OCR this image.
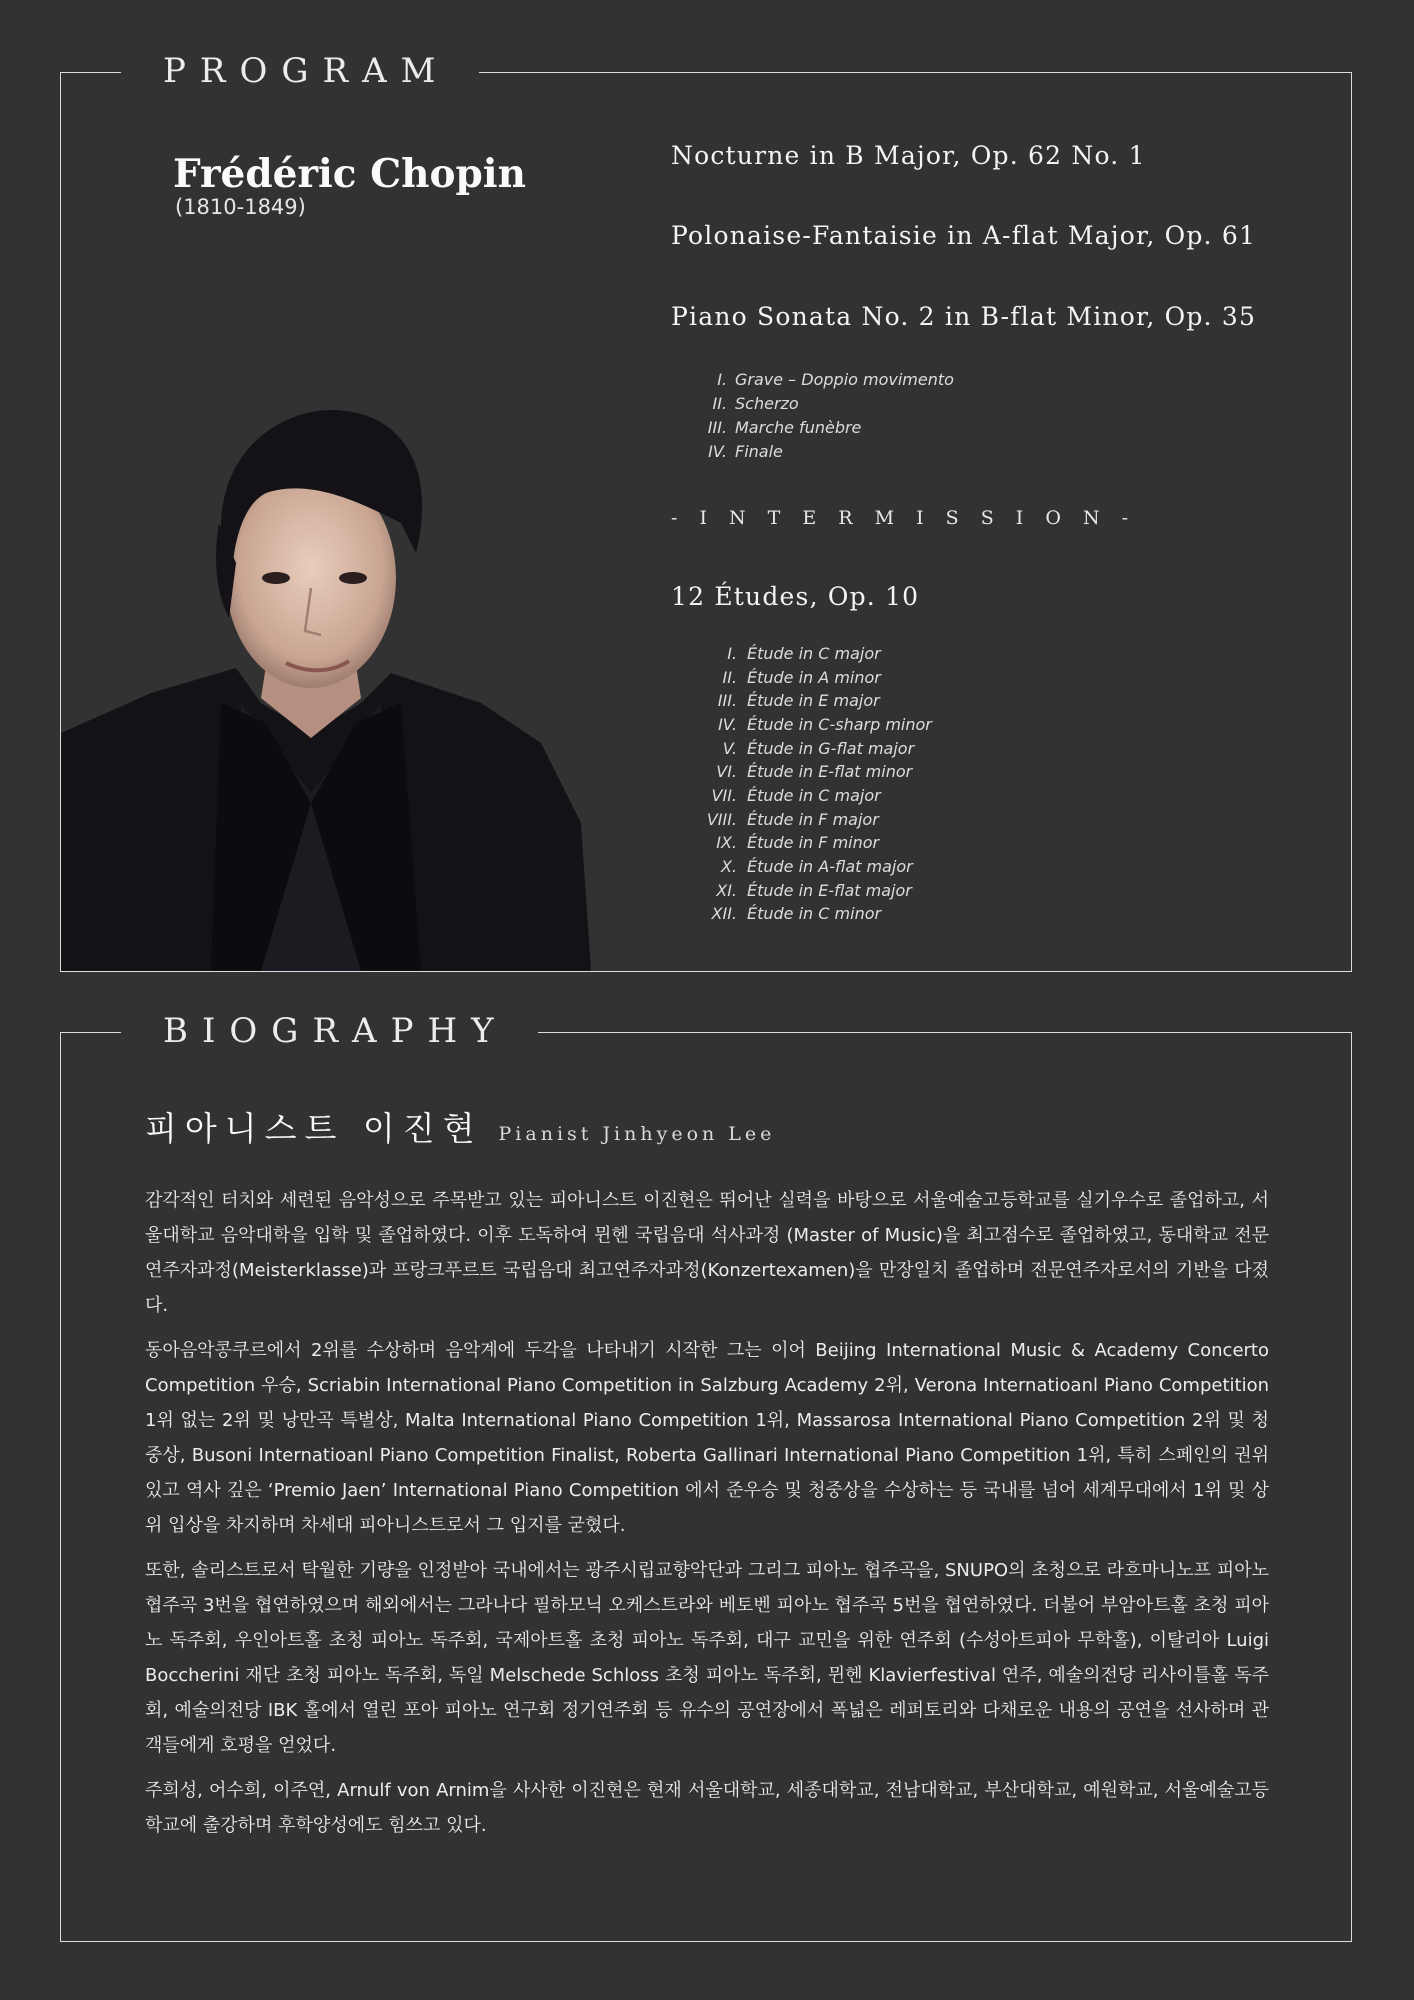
PROGRAM
Frédéric Chopin
(1810-1849)
Nocturne in B Major, Op. 62 No. 1
Polonaise-Fantaisie in A-flat Major, Op. 61
Piano Sonata No. 2 in B-flat Minor, Op. 35
I. Grave – Doppio movimento
II. Scherzo
III. Marche funèbre
IV. Finale
- I N T E R M I S S I O N -
12 Études, Op. 10
I. Étude in C major
II. Étude in A minor
III. Étude in E major
IV. Étude in C-sharp minor
V. Étude in G-flat major
VI. Étude in E-flat minor
VII. Étude in C major
VIII. Étude in F major
IX. Étude in F minor
X. Étude in A-flat major
XI. Étude in E-flat major
XII. Étude in C minor
BIOGRAPHY
피아니스트 이진현 Pianist Jinhyeon Lee

감각적인 터치와 세련된 음악성으로 주목받고 있는 피아니스트 이진현은 뛰어난 실력을 바탕으로 서울예술고등학교를 실기우수로 졸업하고, 서울대학교 음악대학을 입학 및 졸업하였다. 이후 도독하여 뮌헨 국립음대 석사과정 (Master of Music)을 최고점수로 졸업하였고, 동대학교 전문연주자과정(Meisterklasse)과 프랑크푸르트 국립음대 최고연주자과정(Konzertexamen)을 만장일치 졸업하며 전문연주자로서의 기반을 다졌다.

동아음악콩쿠르에서 2위를 수상하며 음악계에 두각을 나타내기 시작한 그는 이어 Beijing International Music & Academy Concerto Competition 우승, Scriabin International Piano Competition in Salzburg Academy 2위, Verona Internatioanl Piano Competition 1위 없는 2위 및 낭만곡 특별상, Malta International Piano Competition 1위, Massarosa International Piano Competition 2위 및 청중상, Busoni Internatioanl Piano Competition Finalist, Roberta Gallinari International Piano Competition 1위, 특히 스페인의 권위 있고 역사 깊은 ‘Premio Jaen’ International Piano Competition 에서 준우승 및 청중상을 수상하는 등 국내를 넘어 세계무대에서 1위 및 상위 입상을 차지하며 차세대 피아니스트로서 그 입지를 굳혔다.

또한, 솔리스트로서 탁월한 기량을 인정받아 국내에서는 광주시립교향악단과 그리그 피아노 협주곡을, SNUPO의 초청으로 라흐마니노프 피아노 협주곡 3번을 협연하였으며 해외에서는 그라나다 필하모닉 오케스트라와 베토벤 피아노 협주곡 5번을 협연하였다. 더불어 부암아트홀 초청 피아노 독주회, 우인아트홀 초청 피아노 독주회, 국제아트홀 초청 피아노 독주회, 대구 교민을 위한 연주회 (수성아트피아 무학홀), 이탈리아 Luigi Boccherini 재단 초청 피아노 독주회, 독일 Melschede Schloss 초청 피아노 독주회, 뮌헨 Klavierfestival 연주, 예술의전당 리사이틀홀 독주회, 예술의전당 IBK 홀에서 열린 포아 피아노 연구회 정기연주회 등 유수의 공연장에서 폭넓은 레퍼토리와 다채로운 내용의 공연을 선사하며 관객들에게 호평을 얻었다.

주희성, 어수희, 이주연, Arnulf von Arnim을 사사한 이진현은 현재 서울대학교, 세종대학교, 전남대학교, 부산대학교, 예원학교, 서울예술고등학교에 출강하며 후학양성에도 힘쓰고 있다.
